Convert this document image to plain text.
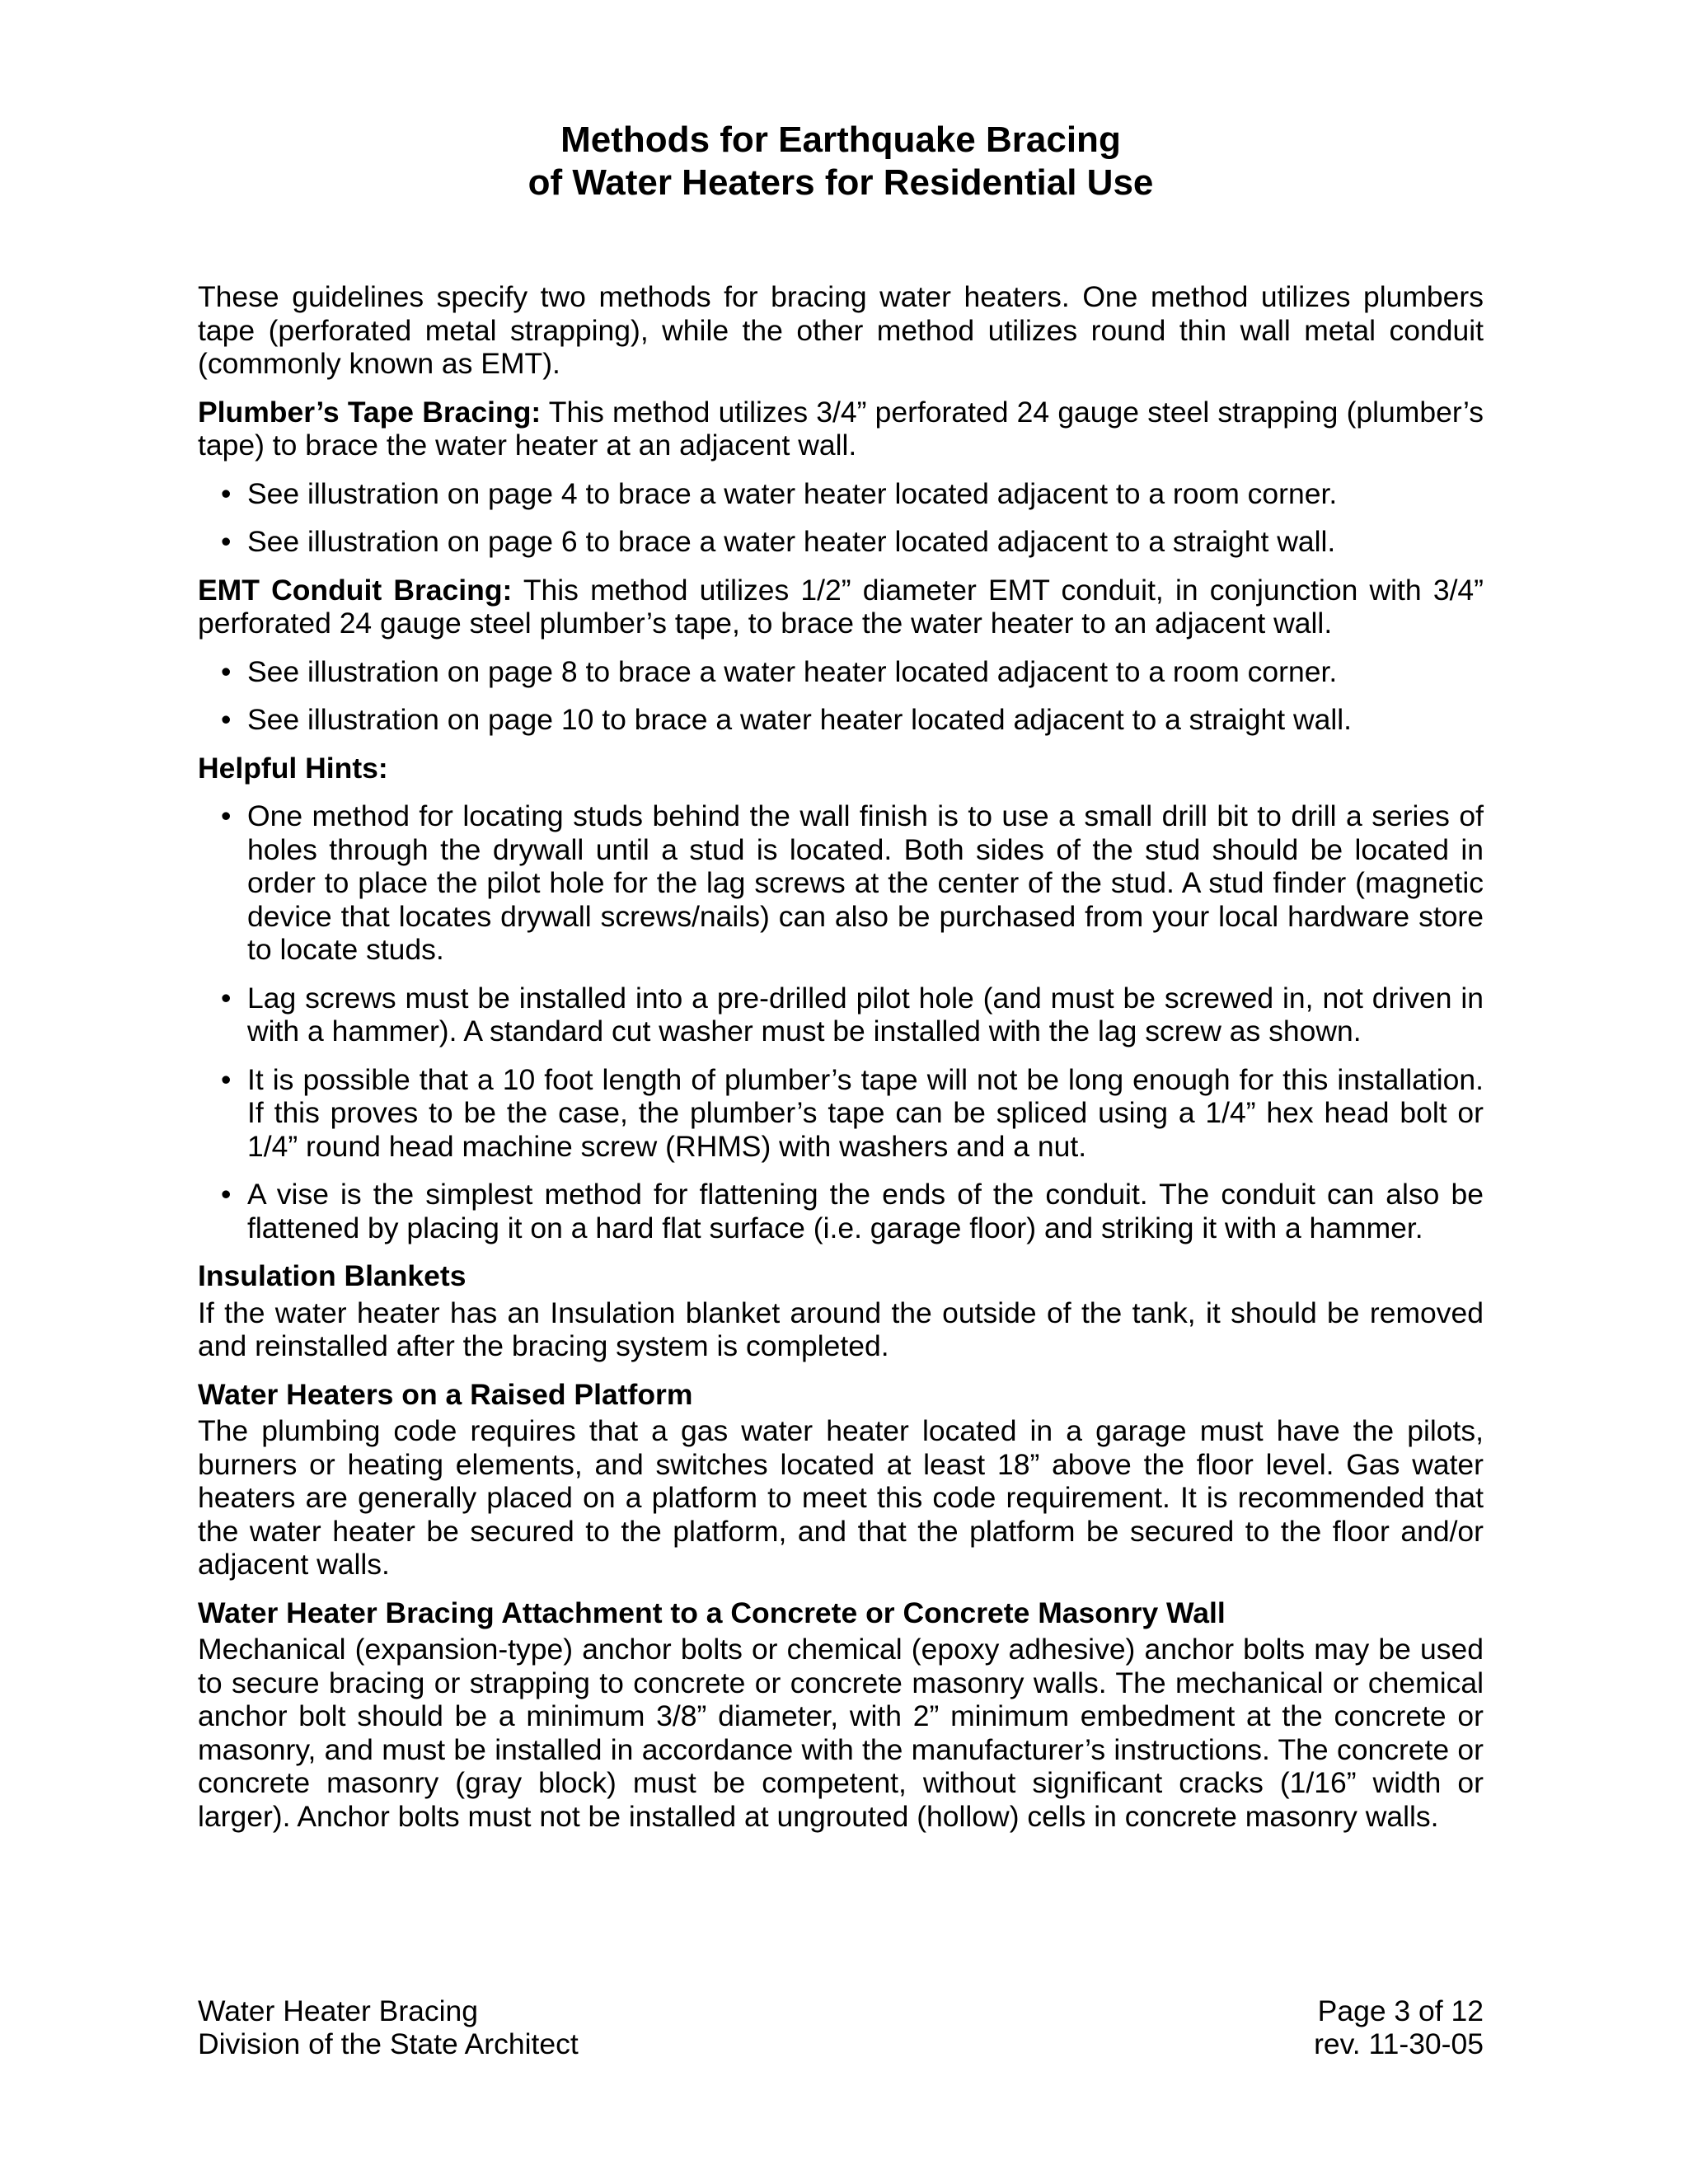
Methods for Earthquake Bracing
of Water Heaters for Residential Use

These guidelines specify two methods for bracing water heaters. One method utilizes plumbers tape (perforated metal strapping), while the other method utilizes round thin wall metal conduit (commonly known as EMT).

Plumber’s Tape Bracing: This method utilizes 3/4” perforated 24 gauge steel strapping (plumber’s tape) to brace the water heater at an adjacent wall.

• See illustration on page 4 to brace a water heater located adjacent to a room corner.
• See illustration on page 6 to brace a water heater located adjacent to a straight wall.

EMT Conduit Bracing: This method utilizes 1/2” diameter EMT conduit, in conjunction with 3/4” perforated 24 gauge steel plumber’s tape, to brace the water heater to an adjacent wall.

• See illustration on page 8 to brace a water heater located adjacent to a room corner.
• See illustration on page 10 to brace a water heater located adjacent to a straight wall.
Helpful Hints:
• One method for locating studs behind the wall finish is to use a small drill bit to drill a series of holes through the drywall until a stud is located. Both sides of the stud should be located in order to place the pilot hole for the lag screws at the center of the stud. A stud finder (magnetic device that locates drywall screws/nails) can also be purchased from your local hardware store to locate studs.
• Lag screws must be installed into a pre-drilled pilot hole (and must be screwed in, not driven in with a hammer). A standard cut washer must be installed with the lag screw as shown.
• It is possible that a 10 foot length of plumber’s tape will not be long enough for this installation. If this proves to be the case, the plumber’s tape can be spliced using a 1/4” hex head bolt or 1/4” round head machine screw (RHMS) with washers and a nut.
• A vise is the simplest method for flattening the ends of the conduit. The conduit can also be flattened by placing it on a hard flat surface (i.e. garage floor) and striking it with a hammer.
Insulation Blankets

If the water heater has an Insulation blanket around the outside of the tank, it should be removed and reinstalled after the bracing system is completed.

Water Heaters on a Raised Platform

The plumbing code requires that a gas water heater located in a garage must have the pilots, burners or heating elements, and switches located at least 18” above the floor level. Gas water heaters are generally placed on a platform to meet this code requirement. It is recommended that the water heater be secured to the platform, and that the platform be secured to the floor and/or adjacent walls.

Water Heater Bracing Attachment to a Concrete or Concrete Masonry Wall

Mechanical (expansion-type) anchor bolts or chemical (epoxy adhesive) anchor bolts may be used to secure bracing or strapping to concrete or concrete masonry walls. The mechanical or chemical anchor bolt should be a minimum 3/8” diameter, with 2” minimum embedment at the concrete or masonry, and must be installed in accordance with the manufacturer’s instructions. The concrete or concrete masonry (gray block) must be competent, without significant cracks (1/16” width or larger). Anchor bolts must not be installed at ungrouted (hollow) cells in concrete masonry walls.

Water Heater Bracing	Page 3 of 12
Division of the State Architect	rev. 11-30-05
